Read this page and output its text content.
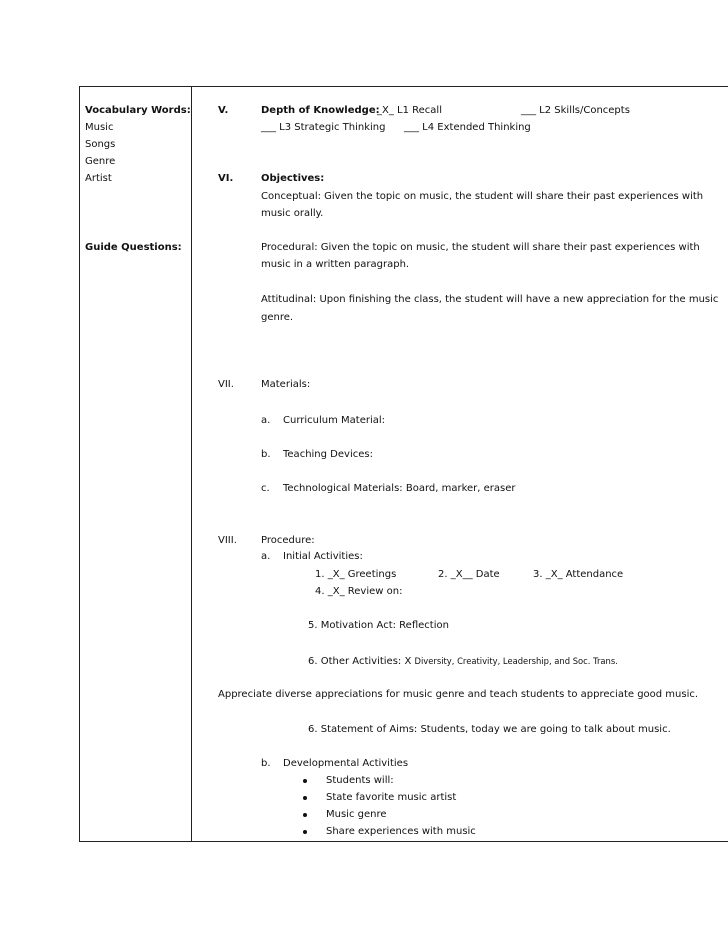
Vocabulary Words:
Music
Songs
Genre
Artist
Guide Questions:
V.	Depth of Knowledge:
_X_ L1 Recall	___ L2 Skills/Concepts
___ L3 Strategic Thinking ___ L4 Extended Thinking
VI.	Objectives:
Conceptual: Given the topic on music, the student will share their past experiences with
music orally.
Procedural: Given the topic on music, the student will share their past experiences with
music in a written paragraph.
Attitudinal: Upon finishing the class, the student will have a new appreciation for the music
genre.
VII.	Materials:
a. Curriculum Material:
b. Teaching Devices:
c. Technological Materials: Board, marker, eraser
VIII. Procedure:
a. Initial Activities:
1. _X_ Greetings	2. _X__ Date	3. _X_ Attendance
4. _X_ Review on:
5. Motivation Act: Reflection
6. Other Activities: X Diversity, Creativity, Leadership, and Soc. Trans.
Appreciate diverse appreciations for music genre and teach students to appreciate good music.
6. Statement of Aims: Students, today we are going to talk about music.
b. Developmental Activities
Students will:
State favorite music artist
Music genre
Share experiences with music
